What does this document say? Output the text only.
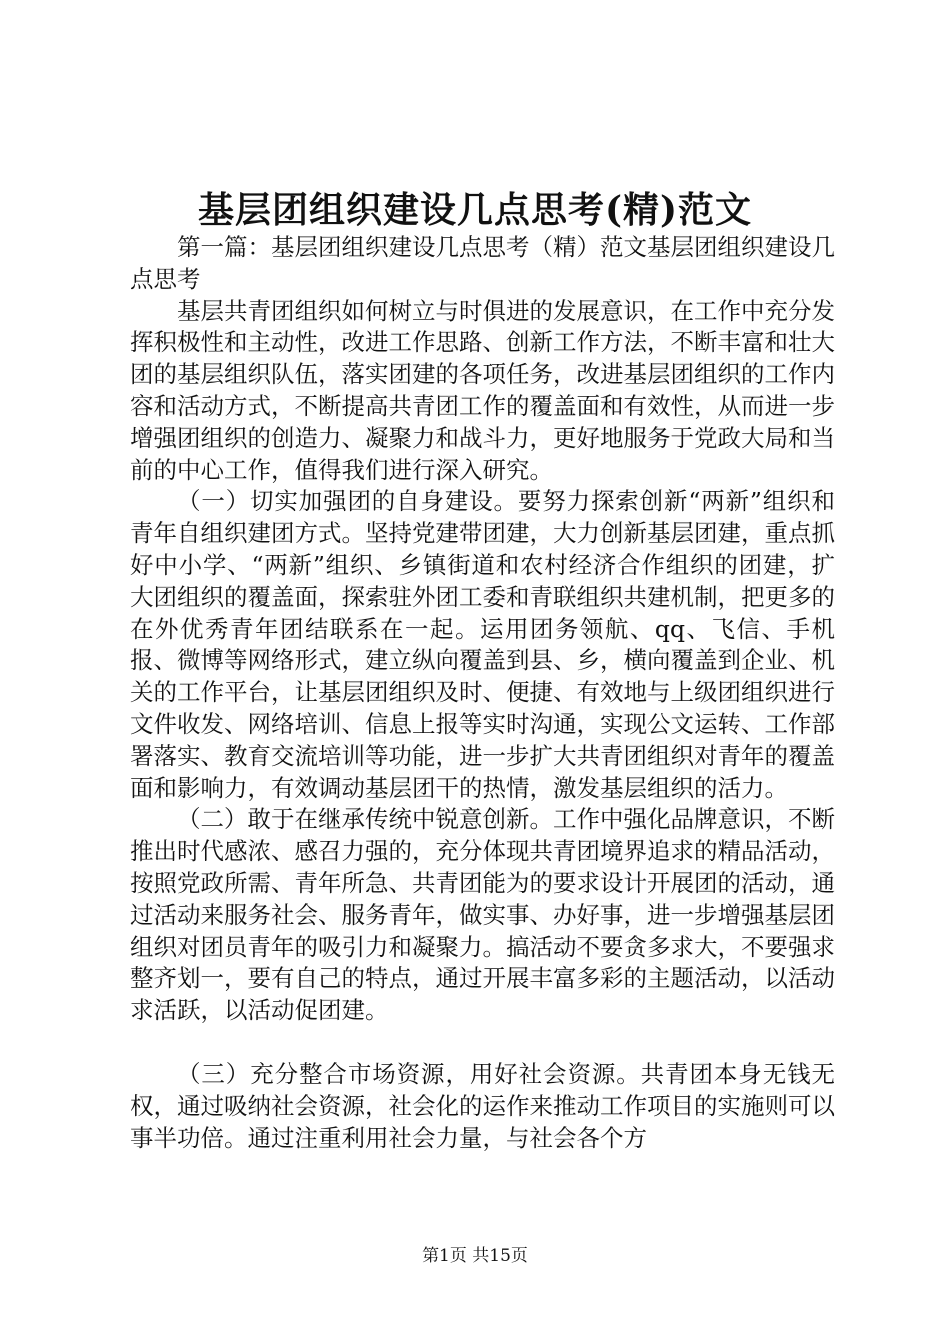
基层团组织建设几点思考(精)范文

第一篇：基层团组织建设几点思考（精）范文基层团组织建设几点思考

基层共青团组织如何树立与时俱进的发展意识，在工作中充分发挥积极性和主动性，改进工作思路、创新工作方法，不断丰富和壮大团的基层组织队伍，落实团建的各项任务，改进基层团组织的工作内容和活动方式，不断提高共青团工作的覆盖面和有效性，从而进一步增强团组织的创造力、凝聚力和战斗力，更好地服务于党政大局和当前的中心工作，值得我们进行深入研究。

（一）切实加强团的自身建设。要努力探索创新“两新”组织和青年自组织建团方式。坚持党建带团建，大力创新基层团建，重点抓好中小学、“两新”组织、乡镇街道和农村经济合作组织的团建，扩大团组织的覆盖面，探索驻外团工委和青联组织共建机制，把更多的在外优秀青年团结联系在一起。运用团务领航、qq、飞信、手机报、微博等网络形式，建立纵向覆盖到县、乡，横向覆盖到企业、机关的工作平台，让基层团组织及时、便捷、有效地与上级团组织进行文件收发、网络培训、信息上报等实时沟通，实现公文运转、工作部署落实、教育交流培训等功能，进一步扩大共青团组织对青年的覆盖面和影响力，有效调动基层团干的热情，激发基层组织的活力。

（二）敢于在继承传统中锐意创新。工作中强化品牌意识，不断推出时代感浓、感召力强的，充分体现共青团境界追求的精品活动，按照党政所需、青年所急、共青团能为的要求设计开展团的活动，通过活动来服务社会、服务青年，做实事、办好事，进一步增强基层团组织对团员青年的吸引力和凝聚力。搞活动不要贪多求大，不要强求整齐划一，要有自己的特点，通过开展丰富多彩的主题活动，以活动求活跃，以活动促团建。

（三）充分整合市场资源，用好社会资源。共青团本身无钱无权，通过吸纳社会资源，社会化的运作来推动工作项目的实施则可以事半功倍。通过注重利用社会力量，与社会各个方

第1页 共15页
